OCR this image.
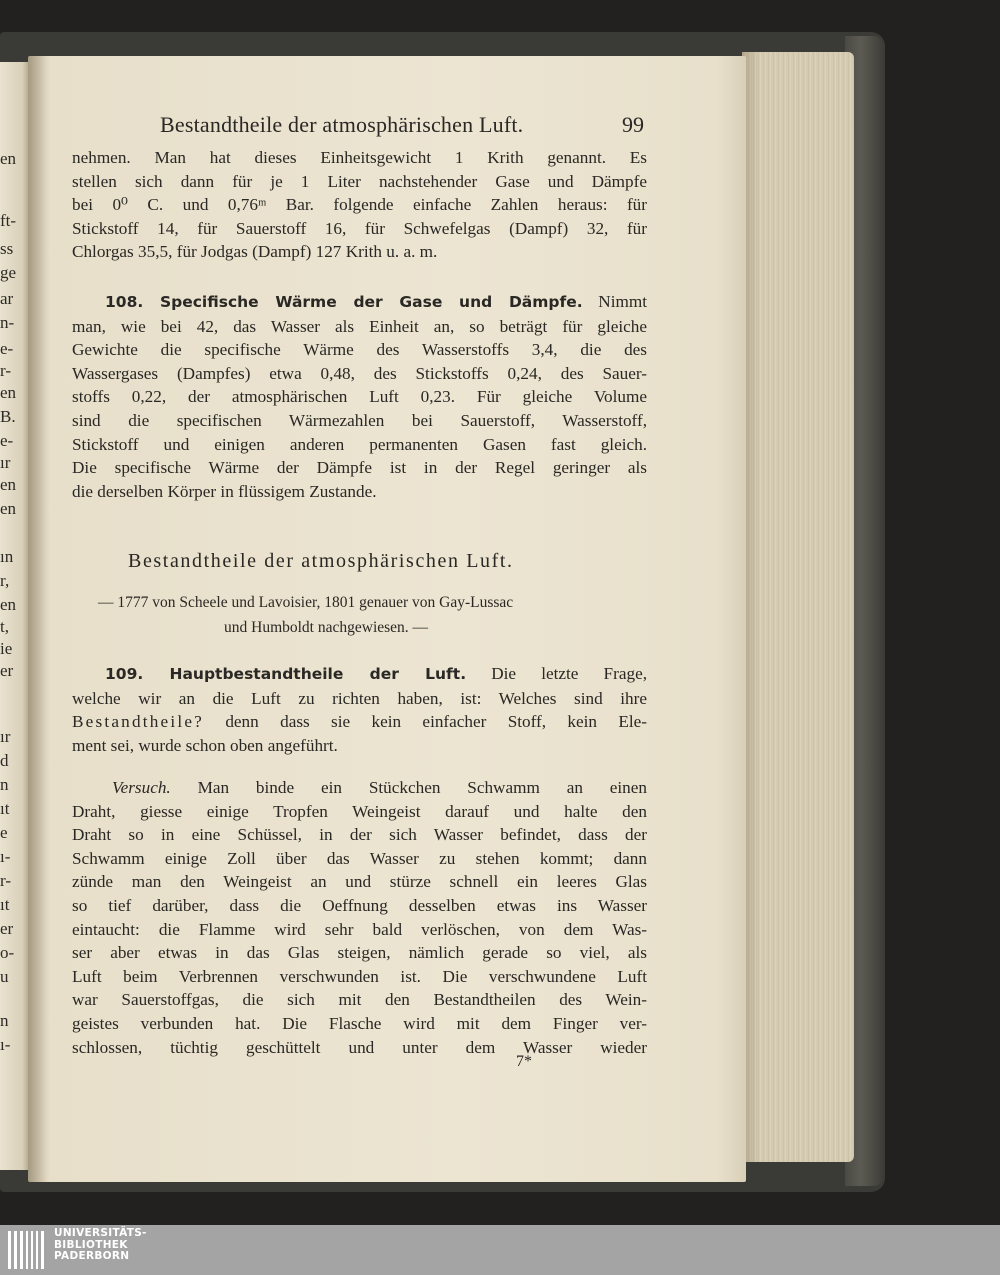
en
ft-
ss
ge
ar
n-
e-
r-
en
B.
e-
ır
en
en
ın
r,
en
t,
ie
er
ır
d
n
ıt
e
ı-
r-
ıt
er
o-
u
n
ı-
Bestandtheile der atmosphärischen Luft.	99
nehmen. Man hat dieses Einheitsgewicht 1 Krith genannt. Es
stellen sich dann für je 1 Liter nachstehender Gase und Dämpfe
bei 0⁰ C. und 0,76ᵐ Bar. folgende einfache Zahlen heraus: für
Stickstoff 14, für Sauerstoff 16, für Schwefelgas (Dampf) 32, für
Chlorgas 35,5, für Jodgas (Dampf) 127 Krith u. a. m.
108. Specifische Wärme der Gase und Dämpfe. Nimmt
man, wie bei 42, das Wasser als Einheit an, so beträgt für gleiche
Gewichte die specifische Wärme des Wasserstoffs 3,4, die des
Wassergases (Dampfes) etwa 0,48, des Stickstoffs 0,24, des Sauer-
stoffs 0,22, der atmosphärischen Luft 0,23. Für gleiche Volume
sind die specifischen Wärmezahlen bei Sauerstoff, Wasserstoff,
Stickstoff und einigen anderen permanenten Gasen fast gleich.
Die specifische Wärme der Dämpfe ist in der Regel geringer als
die derselben Körper in flüssigem Zustande.
Bestandtheile der atmosphärischen Luft.
— 1777 von Scheele und Lavoisier, 1801 genauer von Gay-Lussac
und Humboldt nachgewiesen. —
109. Hauptbestandtheile der Luft. Die letzte Frage,
welche wir an die Luft zu richten haben, ist: Welches sind ihre
Bestandtheile? denn dass sie kein einfacher Stoff, kein Ele-
ment sei, wurde schon oben angeführt.
Versuch. Man binde ein Stückchen Schwamm an einen
Draht, giesse einige Tropfen Weingeist darauf und halte den
Draht so in eine Schüssel, in der sich Wasser befindet, dass der
Schwamm einige Zoll über das Wasser zu stehen kommt; dann
zünde man den Weingeist an und stürze schnell ein leeres Glas
so tief darüber, dass die Oeffnung desselben etwas ins Wasser
eintaucht: die Flamme wird sehr bald verlöschen, von dem Was-
ser aber etwas in das Glas steigen, nämlich gerade so viel, als
Luft beim Verbrennen verschwunden ist. Die verschwundene Luft
war Sauerstoffgas, die sich mit den Bestandtheilen des Wein-
geistes verbunden hat. Die Flasche wird mit dem Finger ver-
schlossen, tüchtig geschüttelt und unter dem Wasser wieder
7*
UNIVERSITÄTS-
BIBLIOTHEK
PADERBORN
